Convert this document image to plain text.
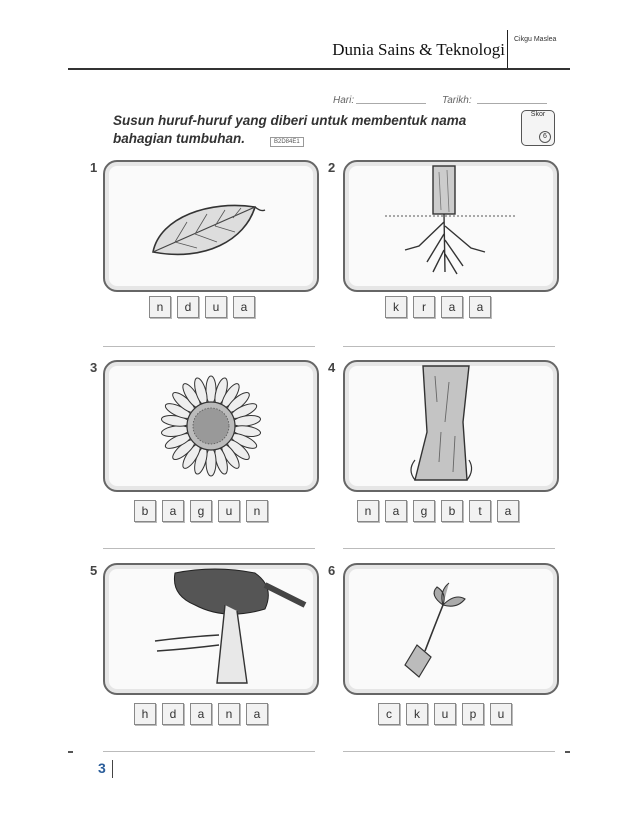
Dunia Sains & Teknologi
Cikgu Maslea
Hari:	Tarikh:
Susun huruf-huruf yang diberi untuk membentuk nama bahagian tumbuhan.	B2D84E1
Skor
6
1
n	d	u	a
2
k	r	a	a
3
b	a	g	u	n
4
n	a	g	b	t	a
5
h	d	a	n	a
6
c	k	u	p	u
3
